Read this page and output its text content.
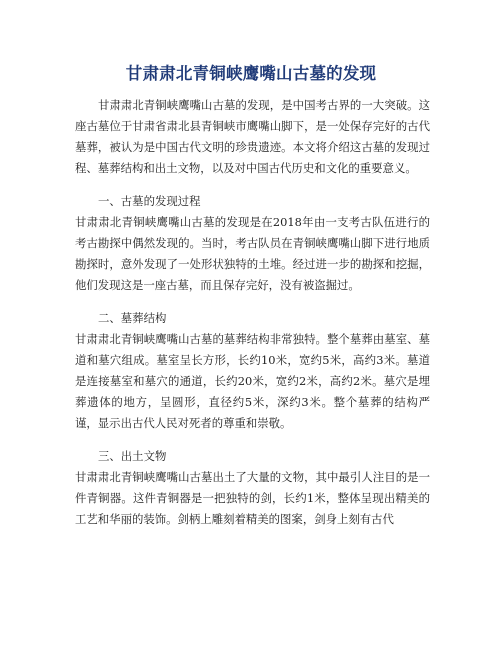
甘肃肃北青铜峡鹰嘴山古墓的发现

甘肃肃北青铜峡鹰嘴山古墓的发现，是中国考古界的一大突破。这座古墓位于甘肃省肃北县青铜峡市鹰嘴山脚下，是一处保存完好的古代墓葬，被认为是中国古代文明的珍贵遗迹。本文将介绍这古墓的发现过程、墓葬结构和出土文物，以及对中国古代历史和文化的重要意义。

一、古墓的发现过程

甘肃肃北青铜峡鹰嘴山古墓的发现是在2018年由一支考古队伍进行的考古勘探中偶然发现的。当时，考古队员在青铜峡鹰嘴山脚下进行地质勘探时，意外发现了一处形状独特的土堆。经过进一步的勘探和挖掘，他们发现这是一座古墓，而且保存完好，没有被盗掘过。

二、墓葬结构

甘肃肃北青铜峡鹰嘴山古墓的墓葬结构非常独特。整个墓葬由墓室、墓道和墓穴组成。墓室呈长方形，长约10米，宽约5米，高约3米。墓道是连接墓室和墓穴的通道，长约20米，宽约2米，高约2米。墓穴是埋葬遗体的地方，呈圆形，直径约5米，深约3米。整个墓葬的结构严谨，显示出古代人民对死者的尊重和崇敬。

三、出土文物

甘肃肃北青铜峡鹰嘴山古墓出土了大量的文物，其中最引人注目的是一件青铜器。这件青铜器是一把独特的剑，长约1米，整体呈现出精美的工艺和华丽的装饰。剑柄上雕刻着精美的图案，剑身上刻有古代
